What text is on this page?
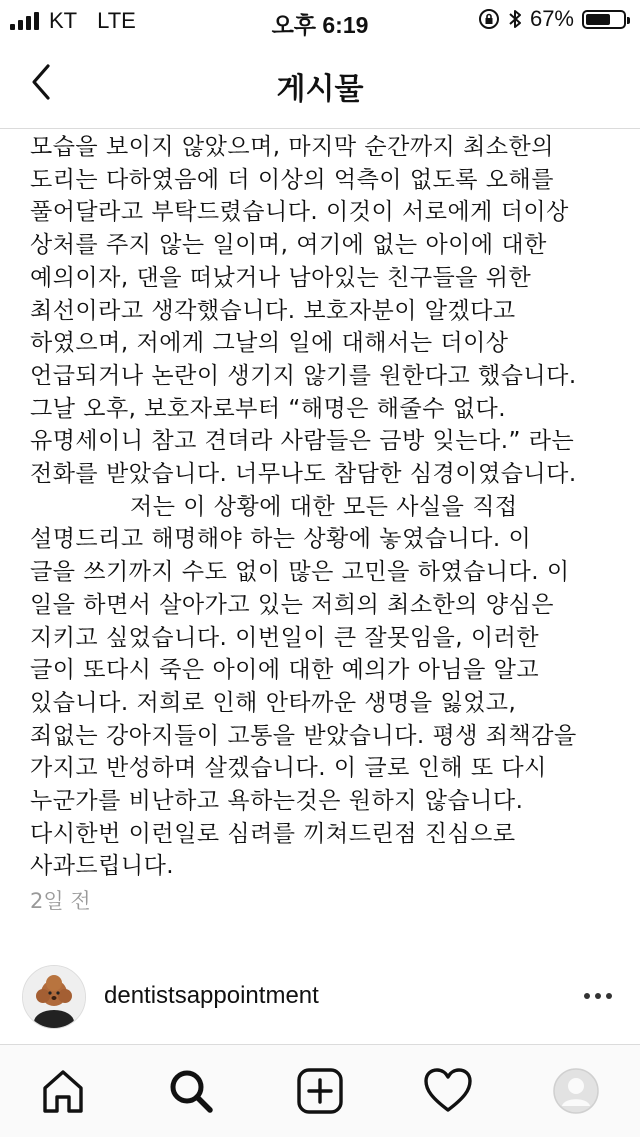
KT LTE	오후 6:19	67%
게시물
모습을 보이지 않았으며, 마지막 순간까지 최소한의
도리는 다하였음에 더 이상의 억측이 없도록 오해를
풀어달라고 부탁드렸습니다. 이것이 서로에게 더이상
상처를 주지 않는 일이며, 여기에 없는 아이에 대한
예의이자, 댄을 떠났거나 남아있는 친구들을 위한
최선이라고 생각했습니다. 보호자분이 알겠다고
하였으며, 저에게 그날의 일에 대해서는 더이상
언급되거나 논란이 생기지 않기를 원한다고 했습니다.
그날 오후, 보호자로부터 “해명은 해줄수 없다.
유명세이니 참고 견뎌라 사람들은 금방 잊는다.” 라는
전화를 받았습니다. 너무나도 참담한 심경이였습니다.
저는 이 상황에 대한 모든 사실을 직접
설명드리고 해명해야 하는 상황에 놓였습니다. 이
글을 쓰기까지 수도 없이 많은 고민을 하였습니다. 이
일을 하면서 살아가고 있는 저희의 최소한의 양심은
지키고 싶었습니다. 이번일이 큰 잘못임을, 이러한
글이 또다시 죽은 아이에 대한 예의가 아님을 알고
있습니다. 저희로 인해 안타까운 생명을 잃었고,
죄없는 강아지들이 고통을 받았습니다. 평생 죄책감을
가지고 반성하며 살겠습니다. 이 글로 인해 또 다시
누군가를 비난하고 욕하는것은 원하지 않습니다.
다시한번 이런일로 심려를 끼쳐드린점 진심으로
사과드립니다.
2일 전
dentistsappointment
